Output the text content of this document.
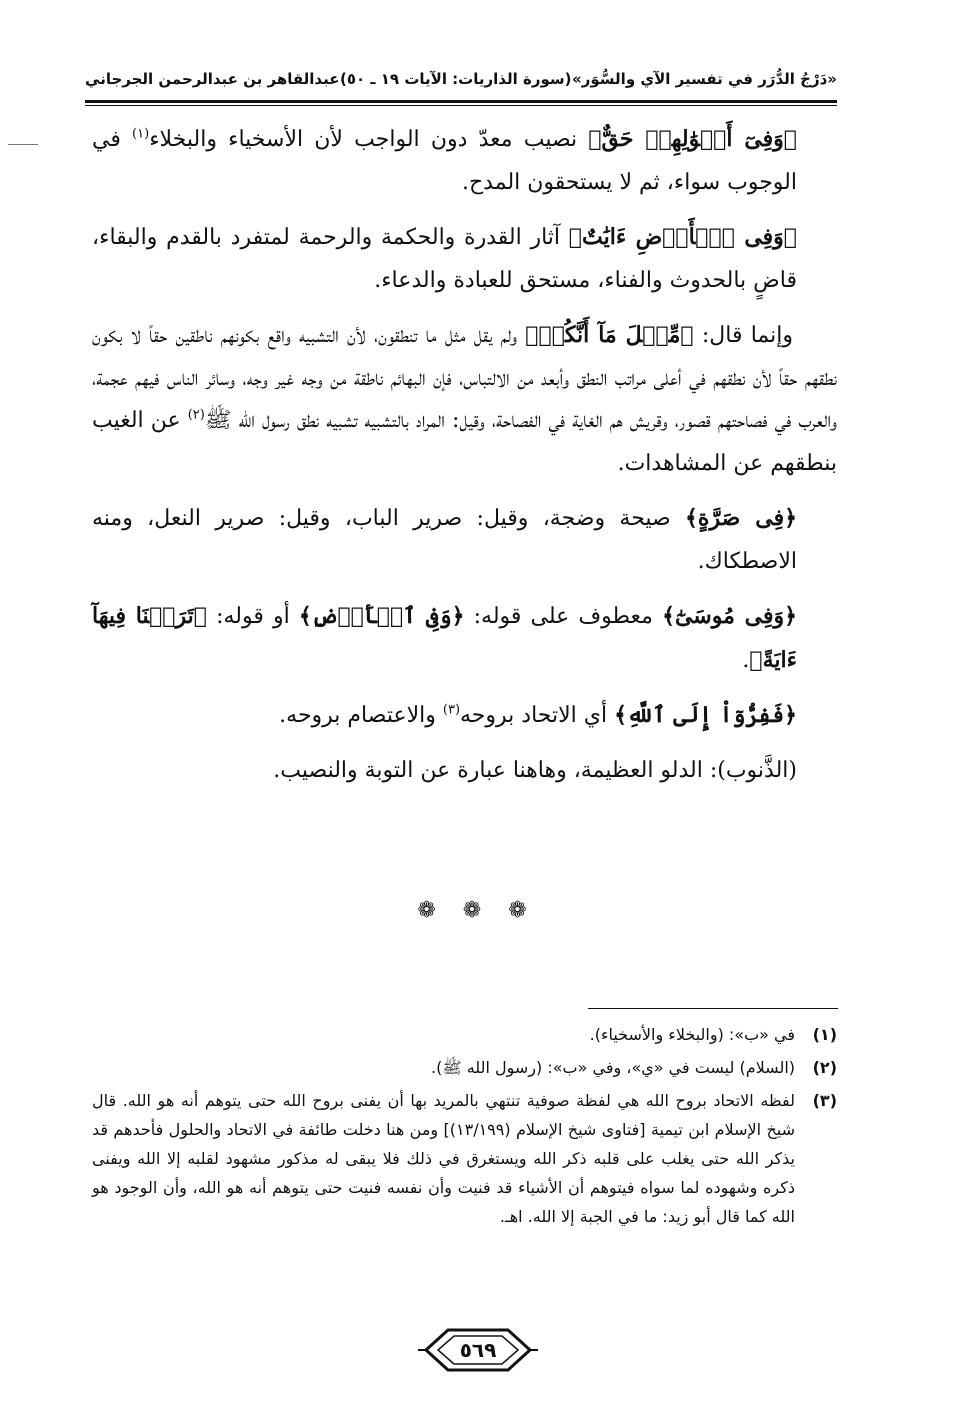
«دَرْجُ الدُّرَر في تفسير الآي والسُّوَر»
(سورة الذاريات: الآيات ١٩ ـ ٥٠)
عبدالقاهر بن عبدالرحمن الجرجاني

﴿وَفِىٓ أَمۡوَٰلِهِمۡ حَقٌّ﴾ نصيب معدّ دون الواجب لأن الأسخياء والبخلاء$^{(١)}$ في الوجوب سواء، ثم لا يستحقون المدح.

﴿وَفِى ٱلۡأَرۡضِ ءَايَٰتٌ﴾ آثار القدرة والحكمة والرحمة لمتفرد بالقدم والبقاء، قاضٍ بالحدوث والفناء، مستحق للعبادة والدعاء.

وإنما قال: ﴿مِّثۡلَ مَآ أَنَّكُمۡ﴾ ولم يقل مثل ما تنطقون، لأن التشبيه واقع بكونهم ناطقين حقاً لا بكون نطقهم حقاً لأن نطقهم في أعلى مراتب النطق وأبعد من الالتباس، فإن البهائم ناطقة من وجه غير وجه، وسائر الناس فيهم عجمة، والعرب في فصاحتهم قصور، وقريش هم الغاية في الفصاحة، وقيل: المراد بالتشبيه تشبيه نطق رسول الله ﷺ$^{(٢)}$ عن الغيب بنطقهم عن المشاهدات.

﴿فِى صَرَّةٍ﴾ صيحة وضجة، وقيل: صرير الباب، وقيل: صرير النعل، ومنه الاصطكاك.

﴿وَفِى مُوسَىٰٓ﴾ معطوف على قوله: ﴿وَفِى ٱلۡأَرۡضِ﴾ أو قوله: ﴿تَرَكۡنَا فِيهَآ ءَايَةً﴾.

﴿فَفِرُّوٓاْ إِلَى ٱللَّهِ﴾ أي الاتحاد بروحه$^{(٣)}$ والاعتصام بروحه.

(الذَّنوب): الدلو العظيمة، وهاهنا عبارة عن التوبة والنصيب.

❁ ❁ ❁
(١)
في «ب»: (والبخلاء والأسخياء).
(٢)
(السلام) ليست في «ي»، وفي «ب»: (رسول الله ﷺ).
(٣)
لفظه الاتحاد بروح الله هي لفظة صوفية تنتهي بالمريد بها أن يفنى بروح الله حتى يتوهم أنه هو الله. قال شيخ الإسلام ابن تيمية [فتاوى شيخ الإسلام (١٣/١٩٩)] ومن هنا دخلت طائفة في الاتحاد والحلول فأحدهم قد يذكر الله حتى يغلب على قلبه ذكر الله ويستغرق في ذلك فلا يبقى له مذكور مشهود لقلبه إلا الله ويفنى ذكره وشهوده لما سواه فيتوهم أن الأشياء قد فنيت وأن نفسه فنيت حتى يتوهم أنه هو الله، وأن الوجود هو الله كما قال أبو زيد: ما في الجبة إلا الله. اهـ.
٥٦٩
